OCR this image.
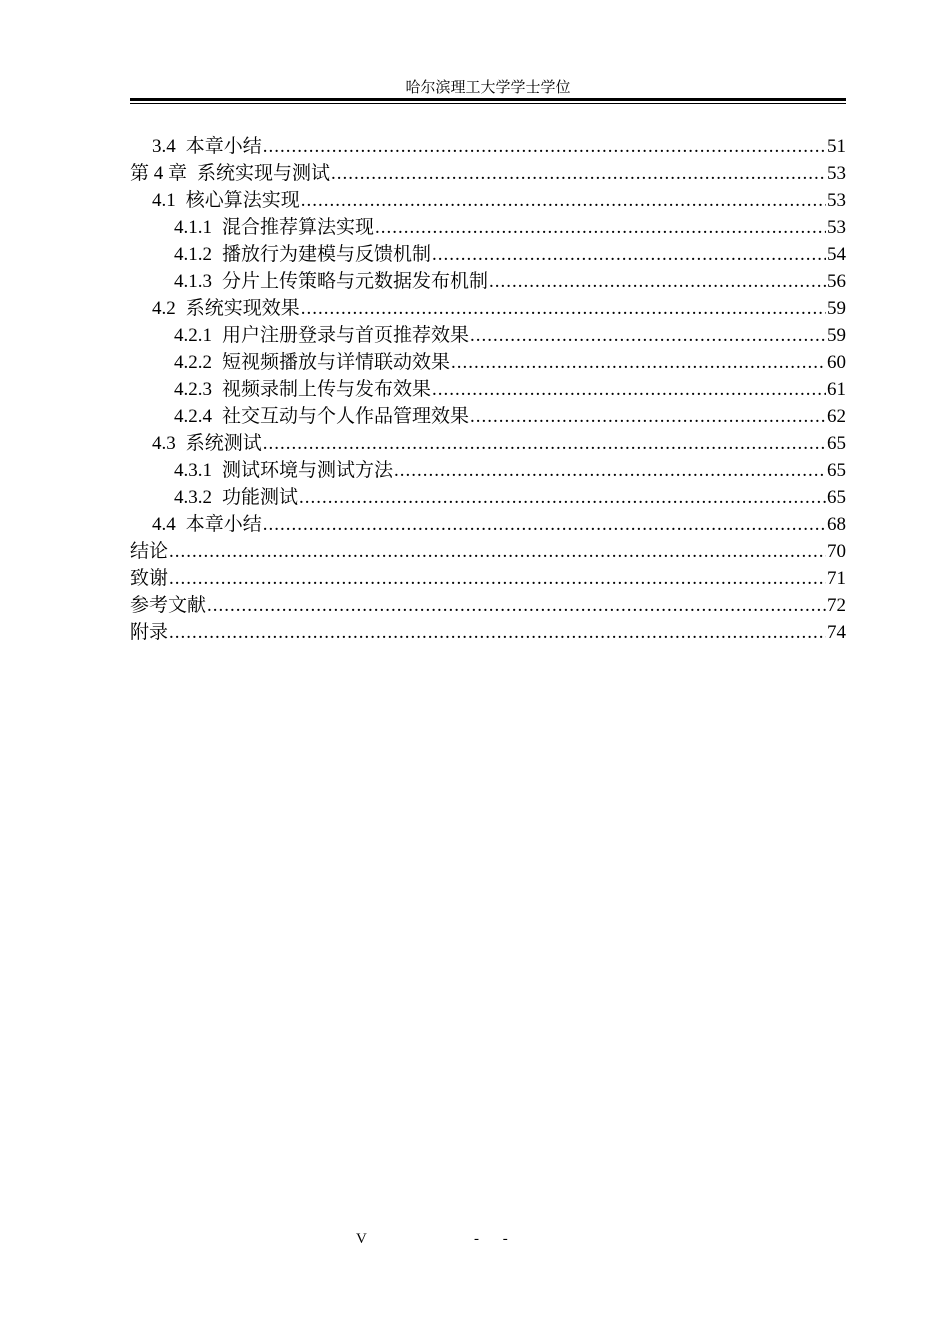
哈尔滨理工大学学士学位
3.4 本章小结 .....	51
第 4 章 系统实现与测试 .....	53
4.1 核心算法实现 .....	53
4.1.1 混合推荐算法实现 .....	53
4.1.2 播放行为建模与反馈机制 .....	54
4.1.3 分片上传策略与元数据发布机制 .....	56
4.2 系统实现效果 .....	59
4.2.1 用户注册登录与首页推荐效果 .....	59
4.2.2 短视频播放与详情联动效果 .....	60
4.2.3 视频录制上传与发布效果 .....	61
4.2.4 社交互动与个人作品管理效果 .....	62
4.3 系统测试 .....	65
4.3.1 测试环境与测试方法 .....	65
4.3.2 功能测试 .....	65
4.4 本章小结 .....	68
结论 .....	70
致谢 .....	71
参考文献 .....	72
附录 .....	74
V	- -
